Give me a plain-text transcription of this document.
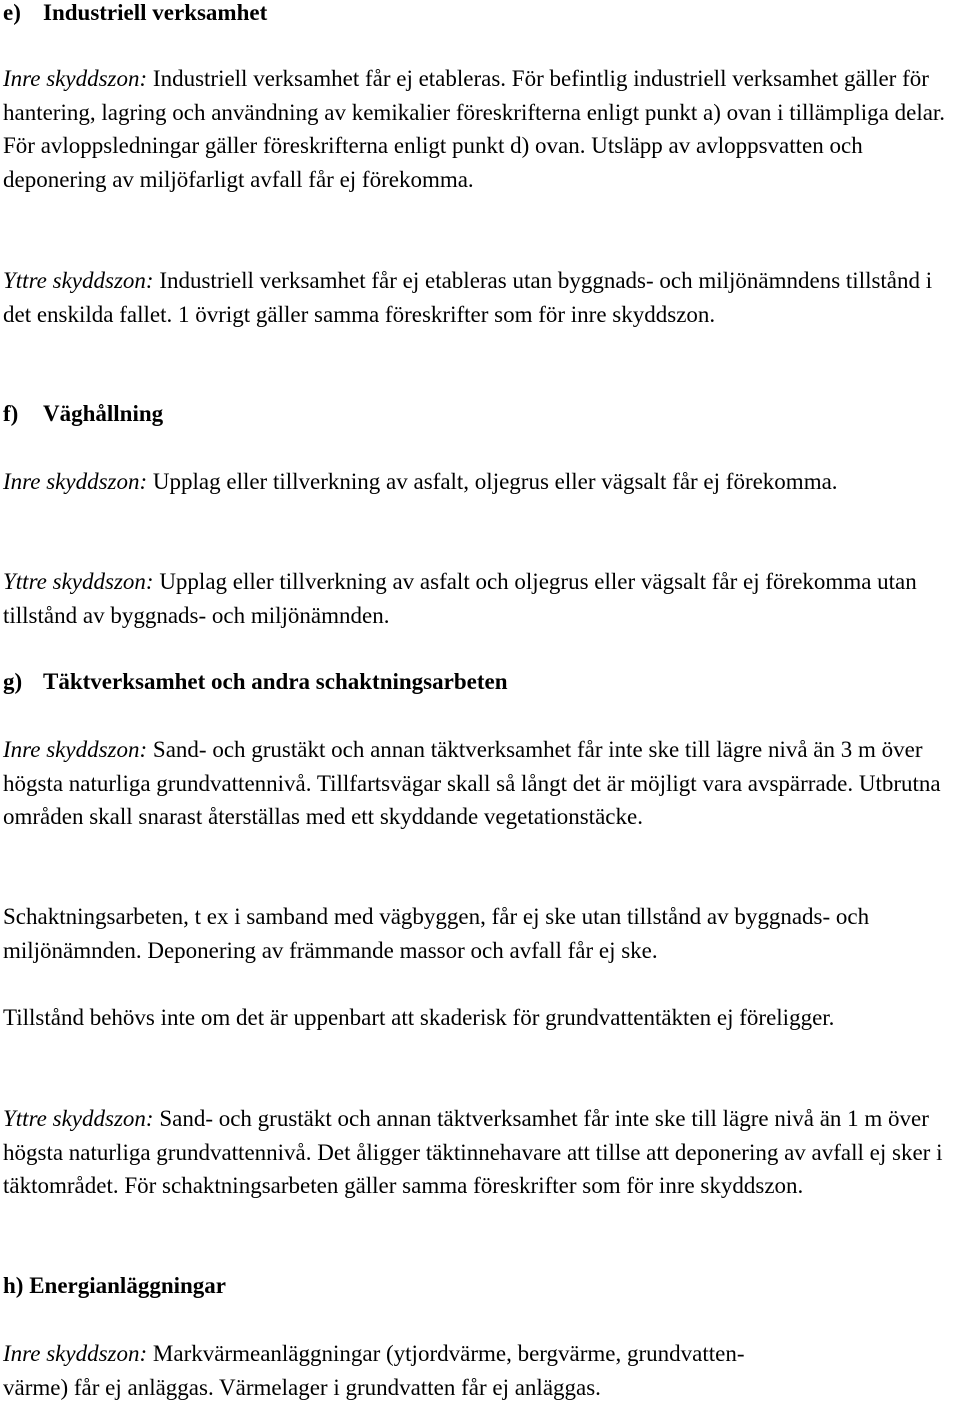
e) Industriell verksamhet

Inre skyddszon: Industriell verksamhet får ej etableras. För befintlig industriell verksamhet gäller för hantering, lagring och användning av kemikalier föreskrifterna enligt punkt a) ovan i tillämpliga delar. För avloppsledningar gäller föreskrifterna enligt punkt d) ovan. Utsläpp av avloppsvatten och deponering av miljöfarligt avfall får ej förekomma.

Yttre skyddszon: Industriell verksamhet får ej etableras utan byggnads- och miljönämndens tillstånd i det enskilda fallet. 1 övrigt gäller samma föreskrifter som för inre skyddszon.

f) Väghållning

Inre skyddszon: Upplag eller tillverkning av asfalt, oljegrus eller vägsalt får ej förekomma.

Yttre skyddszon: Upplag eller tillverkning av asfalt och oljegrus eller vägsalt får ej förekomma utan tillstånd av byggnads- och miljönämnden.

g) Täktverksamhet och andra schaktningsarbeten

Inre skyddszon: Sand- och grustäkt och annan täktverksamhet får inte ske till lägre nivå än 3 m över högsta naturliga grundvattennivå. Tillfartsvägar skall så långt det är möjligt vara avspärrade. Utbrutna områden skall snarast återställas med ett skyddande vegetationstäcke.

Schaktningsarbeten, t ex i samband med vägbyggen, får ej ske utan tillstånd av byggnads- och miljönämnden. Deponering av främmande massor och avfall får ej ske.

Tillstånd behövs inte om det är uppenbart att skaderisk för grundvattentäkten ej föreligger.

Yttre skyddszon: Sand- och grustäkt och annan täktverksamhet får inte ske till lägre nivå än 1 m över högsta naturliga grundvattennivå. Det åligger täktinnehavare att tillse att deponering av avfall ej sker i täktområdet. För schaktningsarbeten gäller samma föreskrifter som för inre skyddszon.

h) Energianläggningar

Inre skyddszon: Markvärmeanläggningar (ytjordvärme, bergvärme, grundvatten-
värme) får ej anläggas. Värmelager i grundvatten får ej anläggas.
